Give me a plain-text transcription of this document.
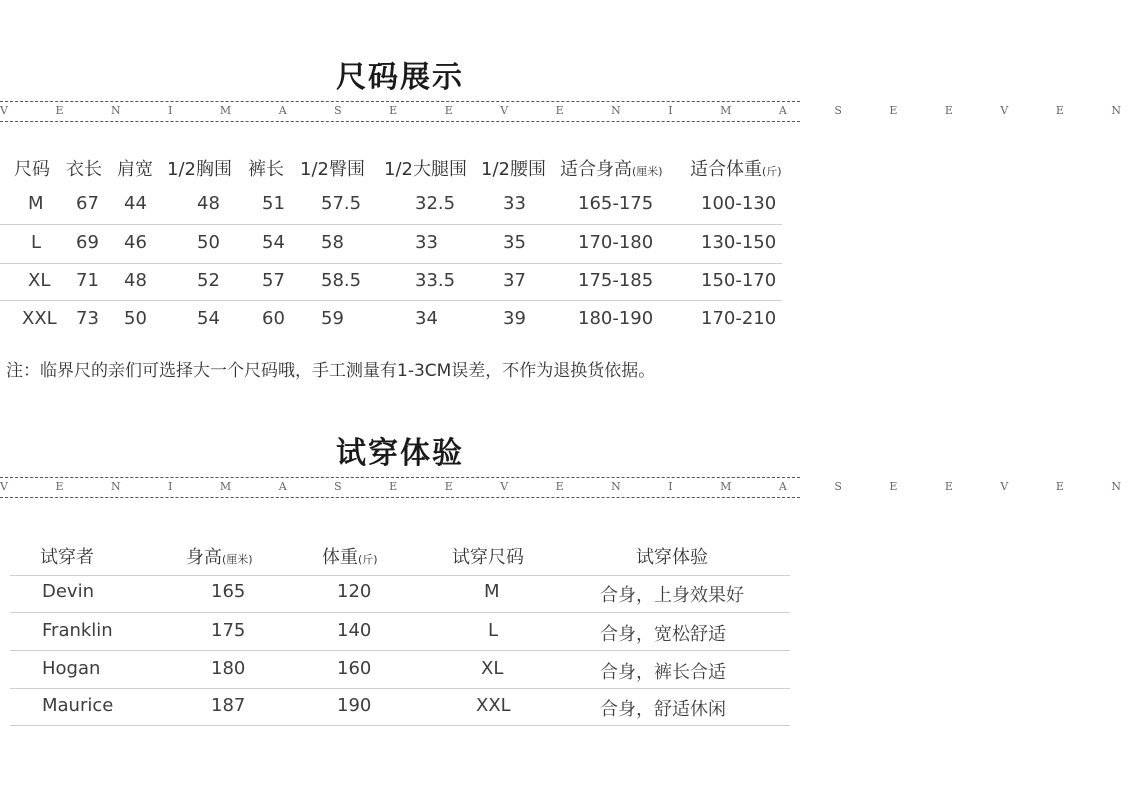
尺码展示
V E N I M A S E E V E N I M A S E E V E N
尺码 衣长 肩宽 1/2胸围 裤长 1/2臀围 1/2大腿围 1/2腰围 适合身高(厘米) 适合体重(斤)
M 67 44	48 51 57.5	32.5	33	165-175	100-130
L 69 46	50 54 58	33	35	170-180	130-150
XL 71 48	52 57 58.5	33.5	37	175-185	150-170
XXL 73 50	54 60 59	34	39	180-190	170-210
注：临界尺的亲们可选择大一个尺码哦，手工测量有1-3CM误差，不作为退换货依据。
试穿体验
V E N I M A S E E V E N I M A S E E V E N
试穿者	身高(厘米)	体重(斤)	试穿尺码	试穿体验
Devin	165	120	M	合身，上身效果好
Franklin	175	140	L	合身，宽松舒适
Hogan	180	160	XL	合身，裤长合适
Maurice	187	190	XXL	合身，舒适休闲
